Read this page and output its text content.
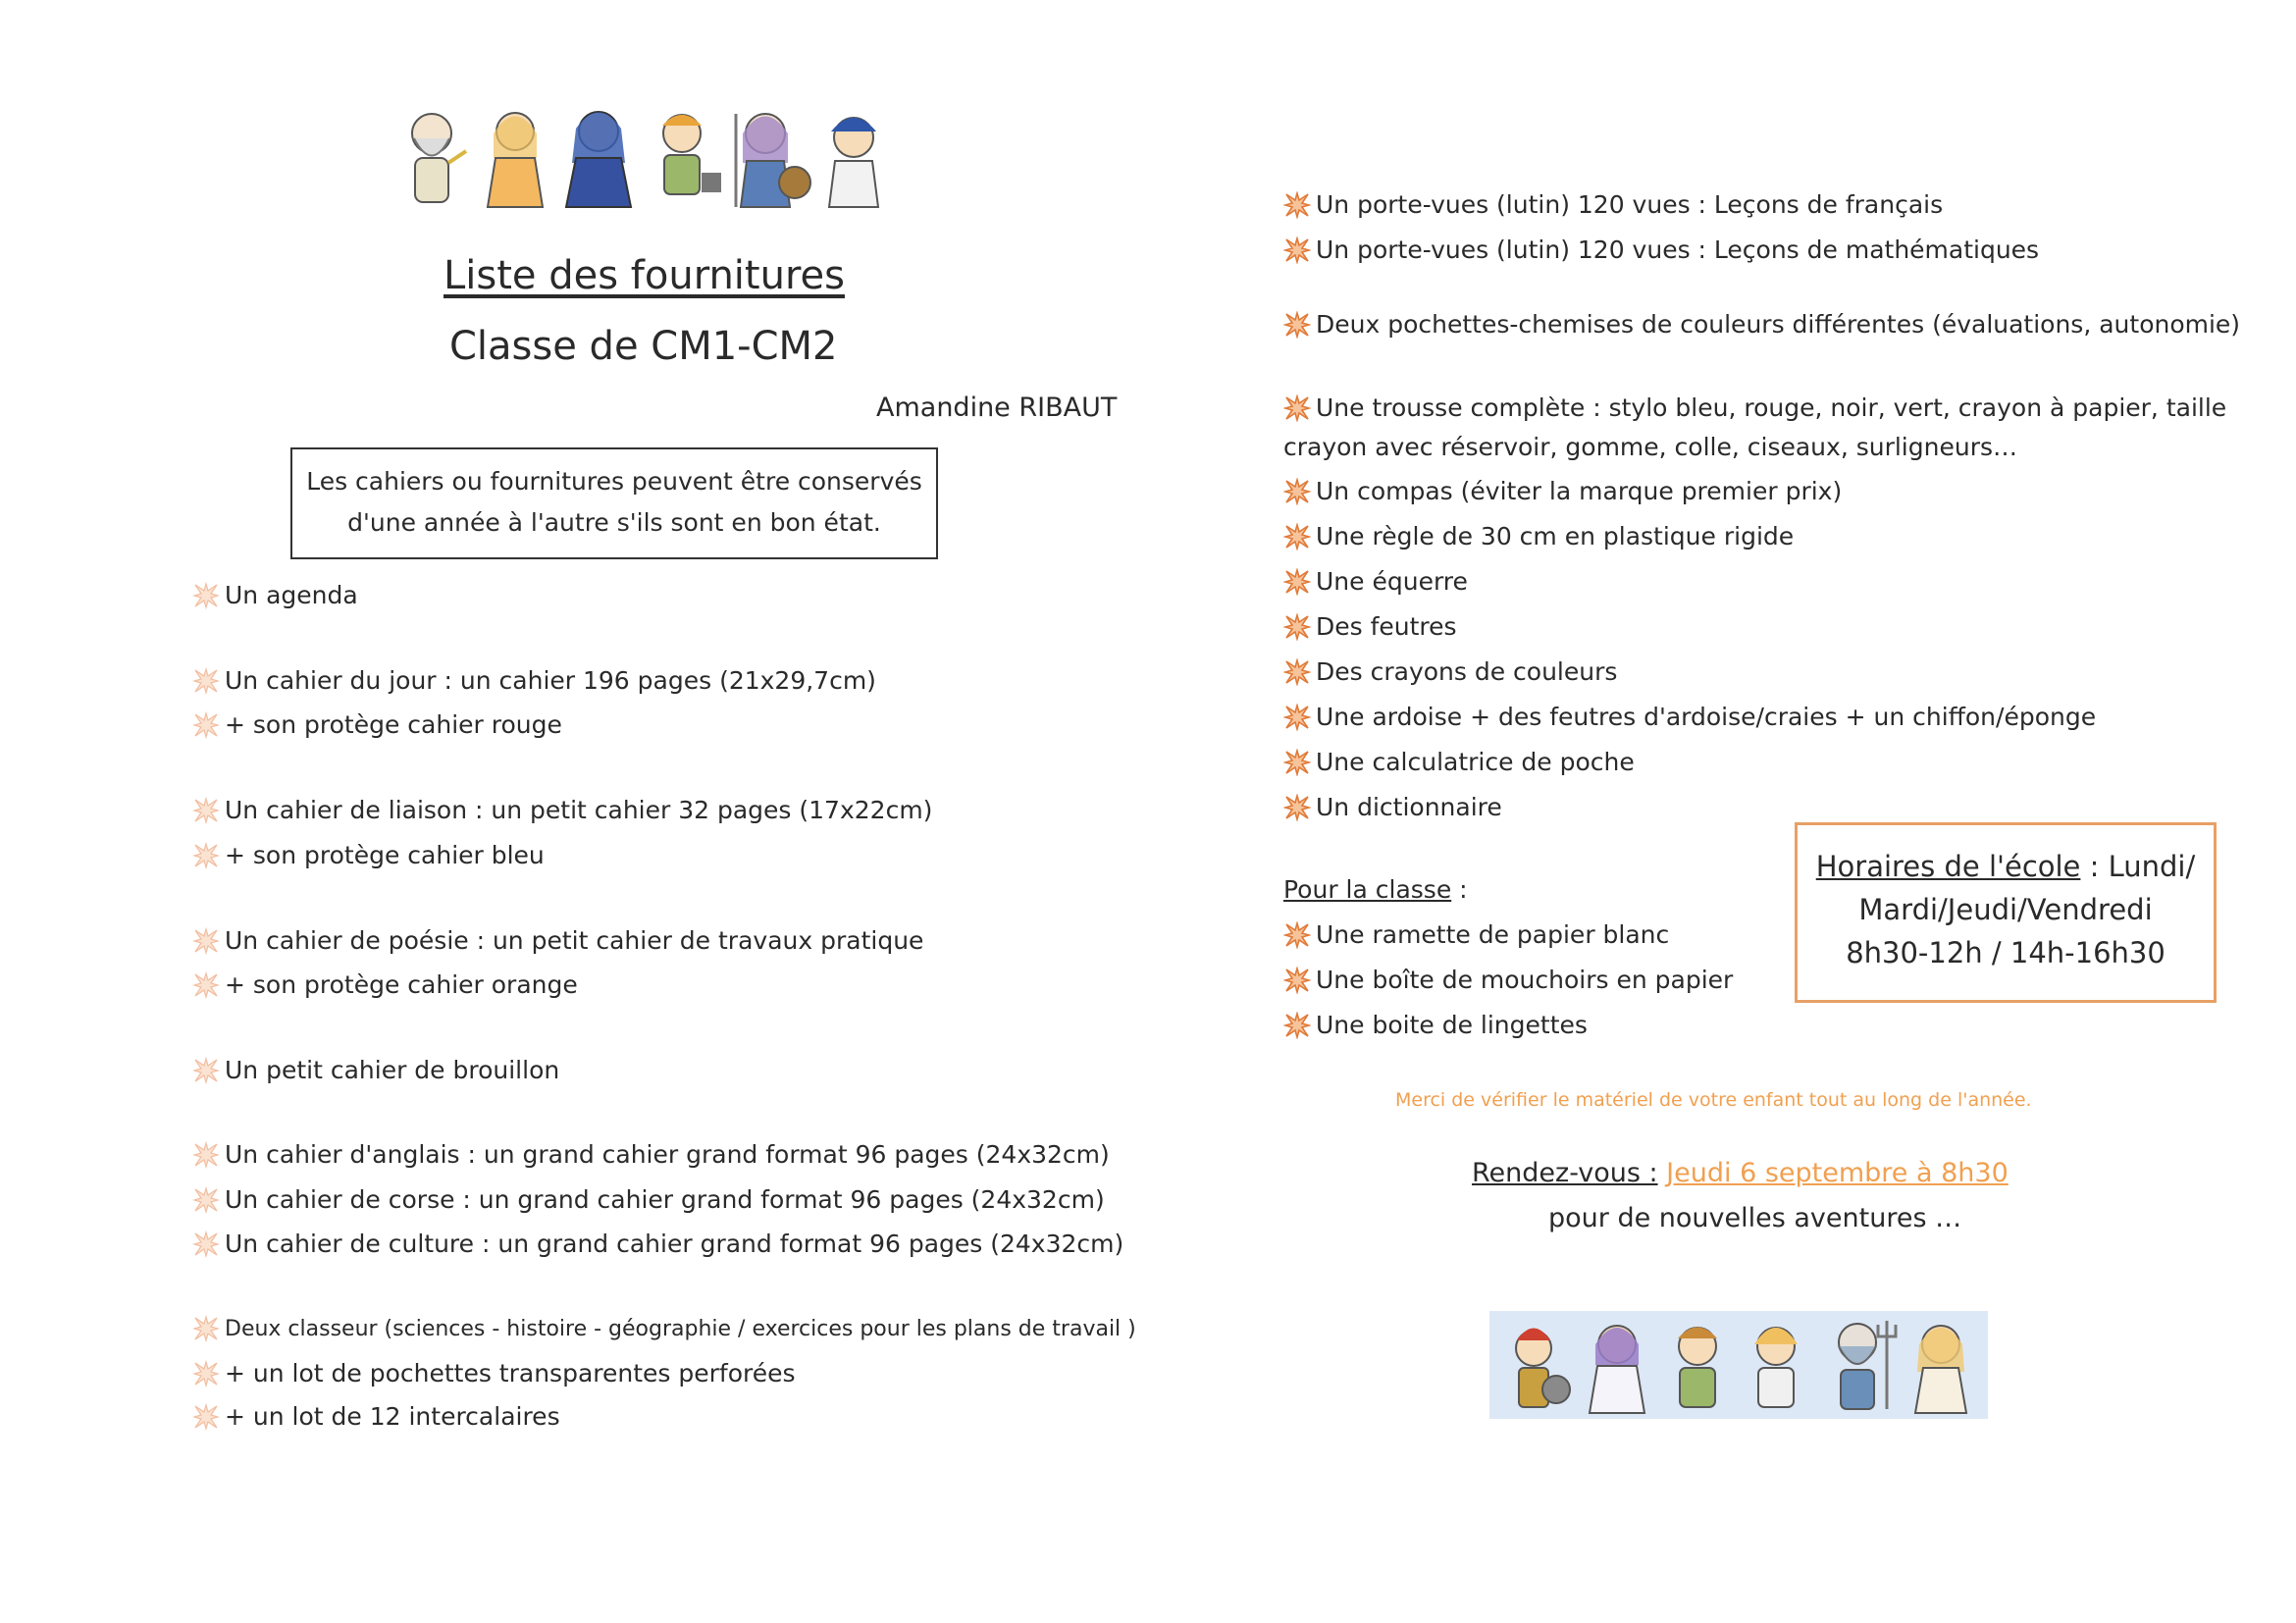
Liste des fournitures
Classe de CM1-CM2
Amandine RIBAUT
Les cahiers ou fournitures peuvent être conservés
d'une année à l'autre s'ils sont en bon état.
Un agenda
Un cahier du jour : un cahier 196 pages (21x29,7cm)
+ son protège cahier rouge
Un cahier de liaison : un petit cahier 32 pages (17x22cm)
+ son protège cahier bleu
Un cahier de poésie : un petit cahier de travaux pratique
+ son protège cahier orange
Un petit cahier de brouillon
Un cahier d'anglais : un grand cahier grand format 96 pages (24x32cm)
Un cahier de corse : un grand cahier grand format 96 pages (24x32cm)
Un cahier de culture : un grand cahier grand format 96 pages (24x32cm)
Deux classeur (sciences - histoire - géographie / exercices pour les plans de travail )
+ un lot de pochettes transparentes perforées
+ un lot de 12 intercalaires
Un porte-vues (lutin) 120 vues : Leçons de français
Un porte-vues (lutin) 120 vues : Leçons de mathématiques
Deux pochettes-chemises de couleurs différentes (évaluations, autonomie)
Une trousse complète : stylo bleu, rouge, noir, vert, crayon à papier, taille
crayon avec réservoir, gomme, colle, ciseaux, surligneurs…
Un compas (éviter la marque premier prix)
Une règle de 30 cm en plastique rigide
Une équerre
Des feutres
Des crayons de couleurs
Une ardoise + des feutres d'ardoise/craies + un chiffon/éponge
Une calculatrice de poche
Un dictionnaire
Pour la classe :
Une ramette de papier blanc
Une boîte de mouchoirs en papier
Une boite de lingettes
Horaires de l'école : Lundi/
Mardi/Jeudi/Vendredi
8h30-12h / 14h-16h30
Merci de vérifier le matériel de votre enfant tout au long de l'année.
Rendez-vous : Jeudi 6 septembre à 8h30
pour de nouvelles aventures …
